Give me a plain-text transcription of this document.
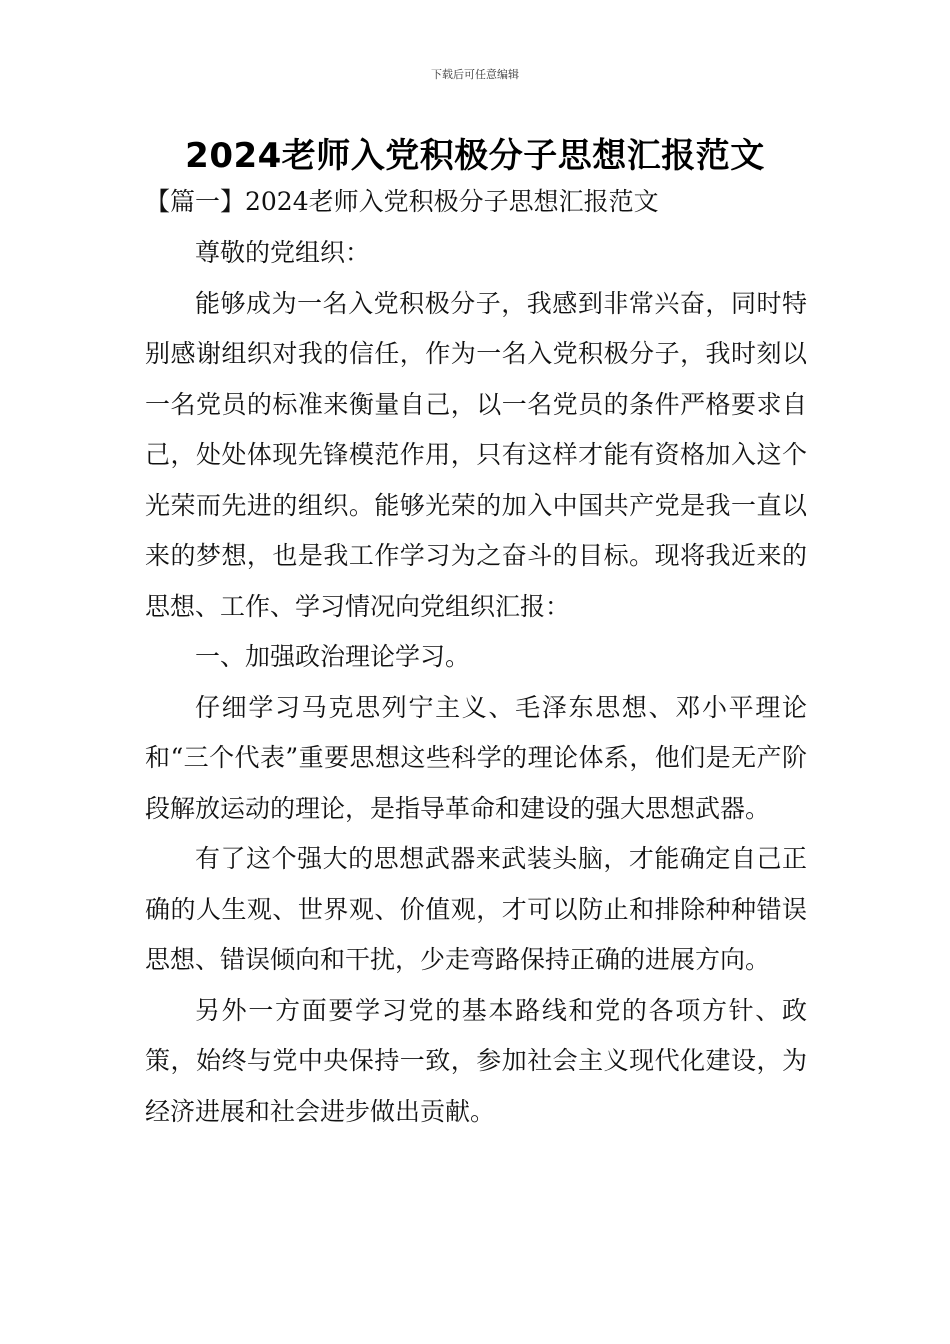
下载后可任意编辑
2024老师入党积极分子思想汇报范文
【篇一】2024老师入党积极分子思想汇报范文

尊敬的党组织：

能够成为一名入党积极分子，我感到非常兴奋，同时特别感谢组织对我的信任，作为一名入党积极分子，我时刻以一名党员的标准来衡量自己，以一名党员的条件严格要求自己，处处体现先锋模范作用，只有这样才能有资格加入这个光荣而先进的组织。能够光荣的加入中国共产党是我一直以来的梦想，也是我工作学习为之奋斗的目标。现将我近来的思想、工作、学习情况向党组织汇报：

一、加强政治理论学习。

仔细学习马克思列宁主义、毛泽东思想、邓小平理论和“三个代表”重要思想这些科学的理论体系，他们是无产阶段解放运动的理论，是指导革命和建设的强大思想武器。

有了这个强大的思想武器来武装头脑，才能确定自己正确的人生观、世界观、价值观，才可以防止和排除种种错误思想、错误倾向和干扰，少走弯路保持正确的进展方向。

另外一方面要学习党的基本路线和党的各项方针、政策，始终与党中央保持一致，参加社会主义现代化建设，为经济进展和社会进步做出贡献。
